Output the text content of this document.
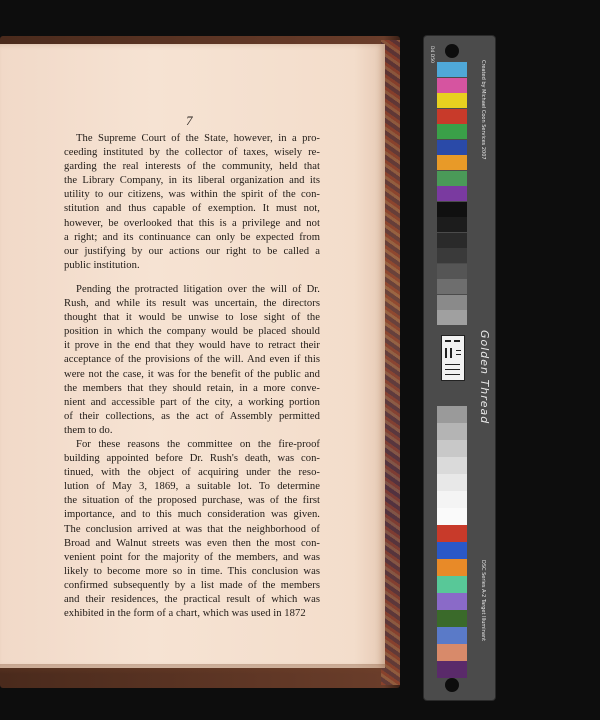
7
The Supreme Court of the State, however, in a pro-
ceeding instituted by the collector of taxes, wisely re-
garding the real interests of the community, held that
the Library Company, in its liberal organization and its
utility to our citizens, was within the spirit of the con-
stitution and thus capable of exemption. It must not,
however, be overlooked that this is a privilege and not
a right; and its continuance can only be expected from
our justifying by our actions our right to be called a
public institution.
Pending the protracted litigation over the will of Dr.
Rush, and while its result was uncertain, the directors
thought that it would be unwise to lose sight of the
position in which the company would be placed should
it prove in the end that they would have to retract their
acceptance of the provisions of the will. And even if this
were not the case, it was for the benefit of the public and
the members that they should retain, in a more conve-
nient and accessible part of the city, a working portion
of their collections, as the act of Assembly permitted
them to do.
For these reasons the committee on the fire-proof
building appointed before Dr. Rush's death, was con-
tinued, with the object of acquiring under the reso-
lution of May 3, 1869, a suitable lot. To determine
the situation of the proposed purchase, was of the first
importance, and to this much consideration was given.
The conclusion arrived at was that the neighborhood of
Broad and Walnut streets was even then the most con-
venient point for the majority of the members, and was
likely to become more so in time. This conclusion was
confirmed subsequently by a list made of the members
and their residences, the practical result of which was
exhibited in the form of a chart, which was used in 1872
D4 D50
Created by Michael Coon Services 2007
Golden Thread
DSC Series A-2 Target Illuminant
